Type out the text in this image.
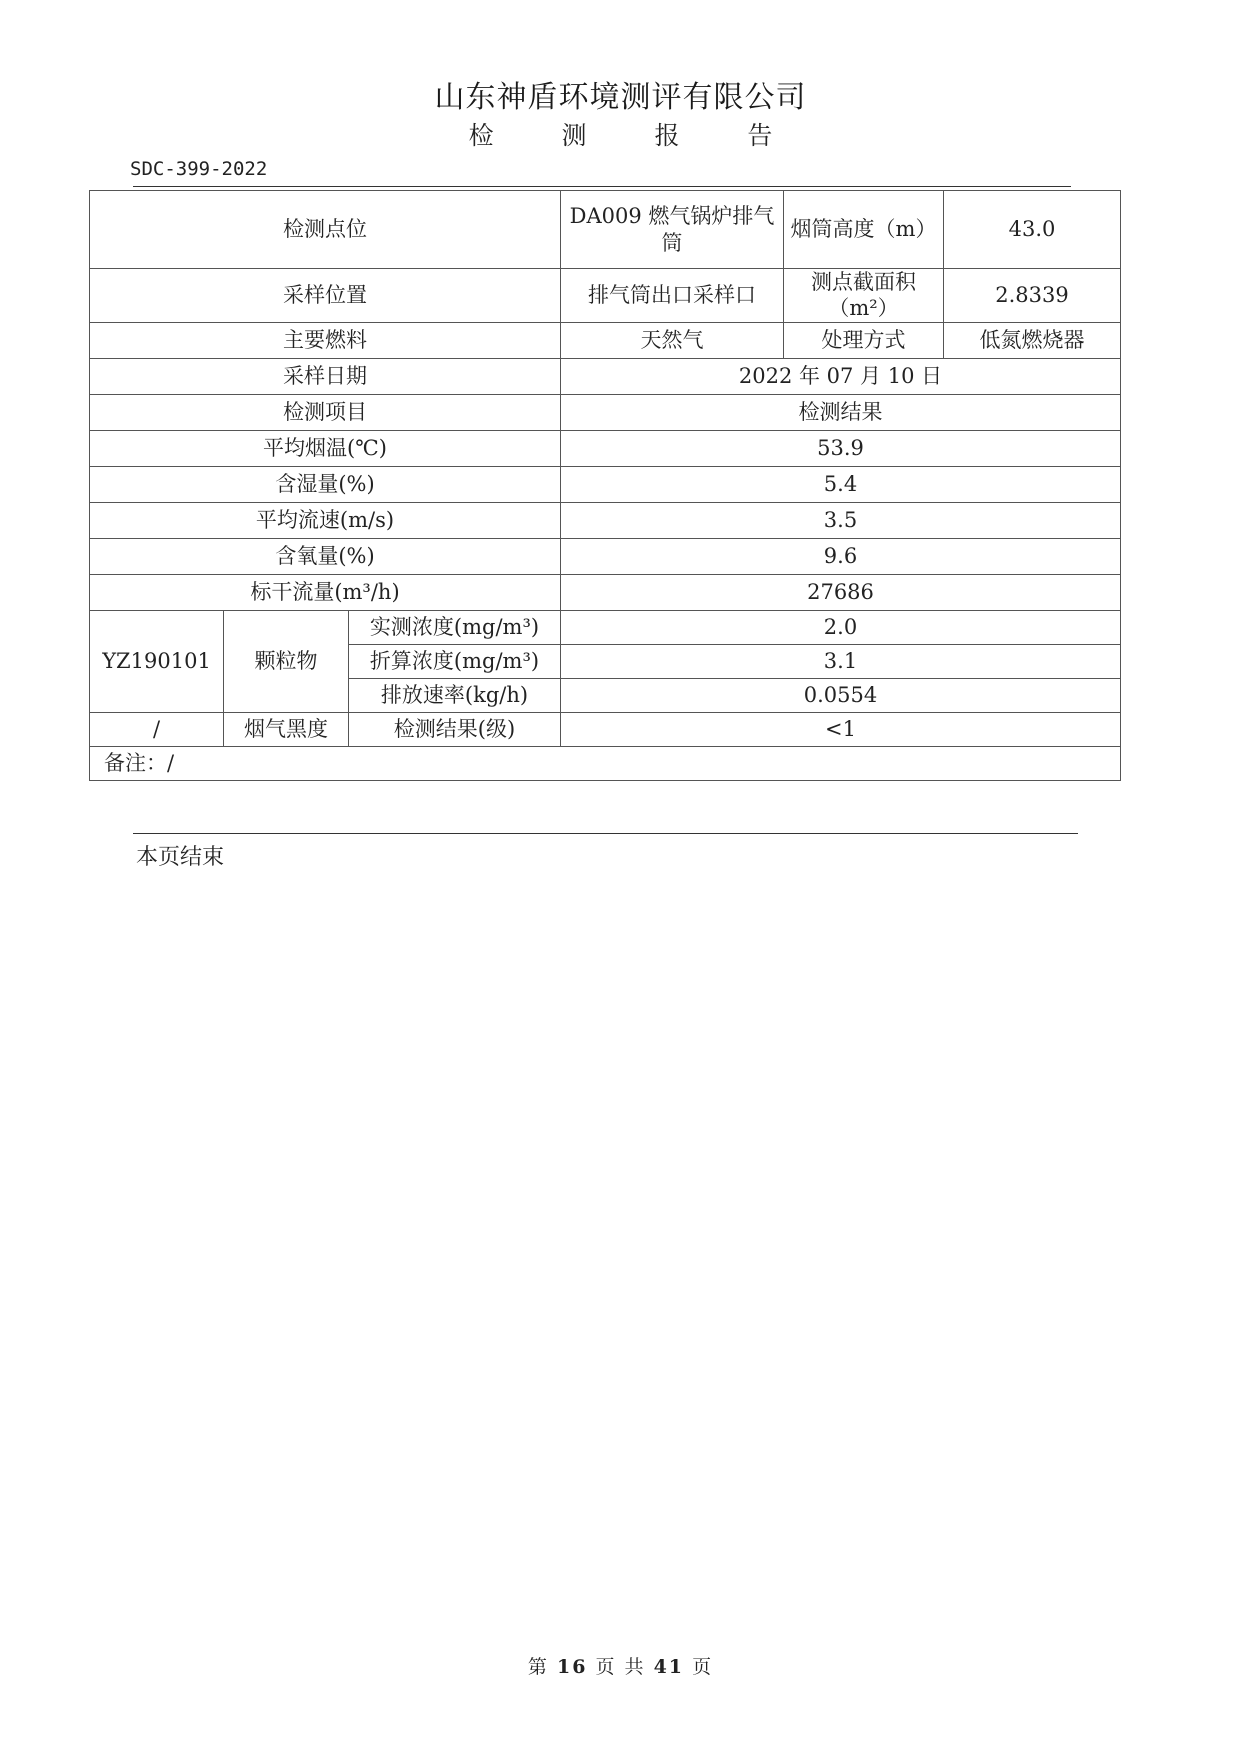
山东神盾环境测评有限公司
检 测 报 告
SDC-399-2022
检测点位			DA009 燃气锅炉排气筒	烟筒高度（m）	43.0
采样位置			排气筒出口采样口	测点截面积（m²）	2.8339
主要燃料			天然气	处理方式	低氮燃烧器
采样日期			2022 年 07 月 10 日		
检测项目			检测结果		
平均烟温(℃)			53.9		
含湿量(%)			5.4		
平均流速(m/s)			3.5		
含氧量(%)			9.6		
标干流量(m³/h)			27686		
YZ190101	颗粒物	实测浓度(mg/m³)	2.0		
		折算浓度(mg/m³)	3.1		
		排放速率(kg/h)	0.0554		
/	烟气黑度	检测结果(级)	<1		
备注：/					
本页结束
第 16 页 共 41 页
